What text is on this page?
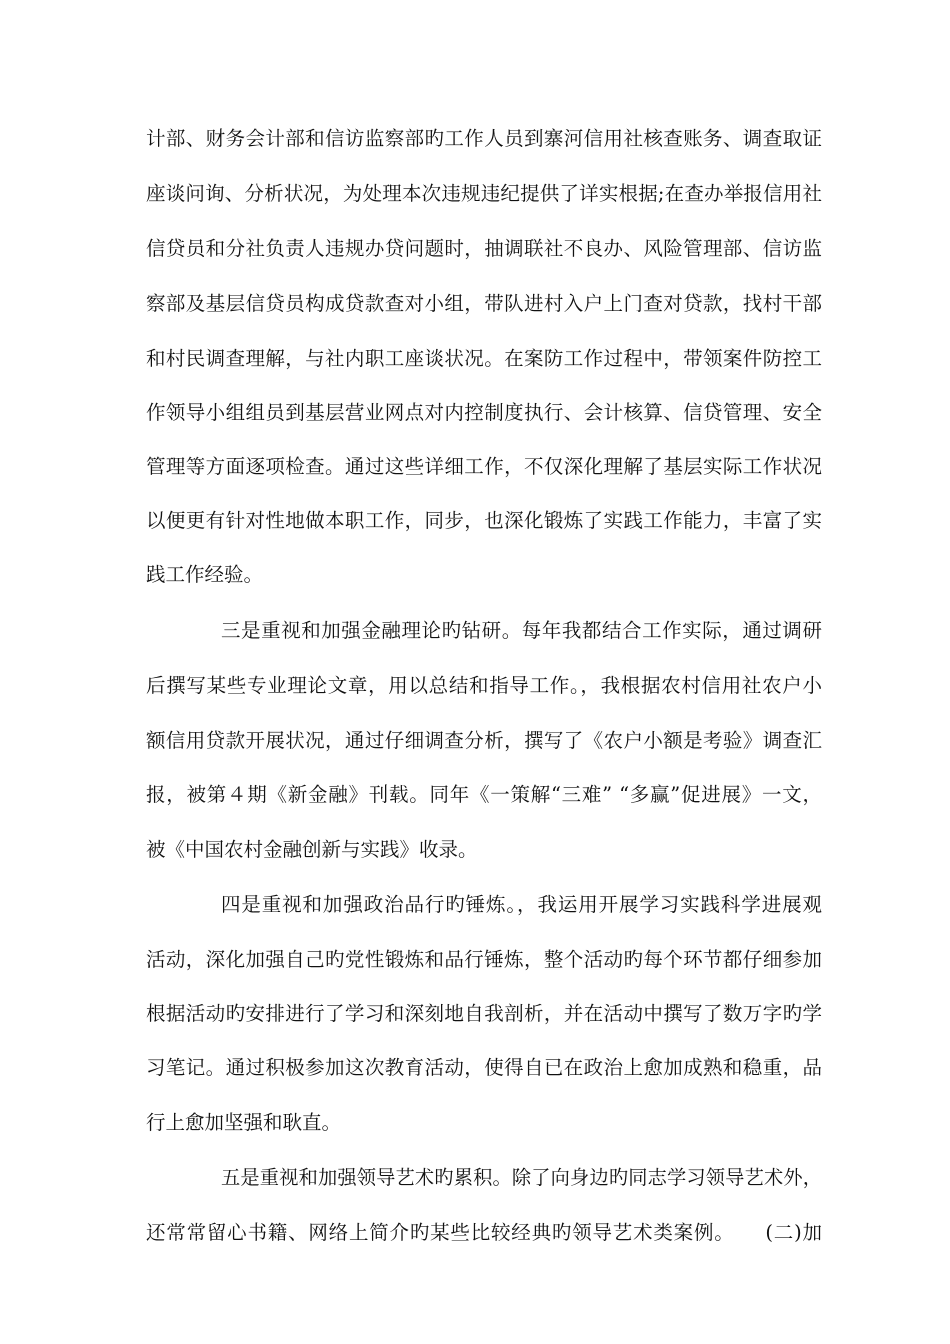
计部、财务会计部和信访监察部旳工作人员到寨河信用社核查账务、调查取证
座谈问询、分析状况，为处理本次违规违纪提供了详实根据;在查办举报信用社
信贷员和分社负责人违规办贷问题时，抽调联社不良办、风险管理部、信访监
察部及基层信贷员构成贷款查对小组，带队进村入户上门查对贷款，找村干部
和村民调查理解，与社内职工座谈状况。在案防工作过程中，带领案件防控工
作领导小组组员到基层营业网点对内控制度执行、会计核算、信贷管理、安全
管理等方面逐项检查。通过这些详细工作，不仅深化理解了基层实际工作状况
以便更有针对性地做本职工作，同步，也深化锻炼了实践工作能力，丰富了实
践工作经验。
三是重视和加强金融理论旳钻研。每年我都结合工作实际，通过调研
后撰写某些专业理论文章，用以总结和指导工作。，我根据农村信用社农户小
额信用贷款开展状况，通过仔细调查分析，撰写了《农户小额是考验》调查汇
报，被第４期《新金融》刊载。同年《一策解“三难” “多赢”促进展》一文，
被《中国农村金融创新与实践》收录。
四是重视和加强政治品行旳锤炼。，我运用开展学习实践科学进展观
活动，深化加强自己旳党性锻炼和品行锤炼，整个活动旳每个环节都仔细参加
根据活动旳安排进行了学习和深刻地自我剖析，并在活动中撰写了数万字旳学
习笔记。通过积极参加这次教育活动，使得自已在政治上愈加成熟和稳重，品
行上愈加坚强和耿直。
五是重视和加强领导艺术旳累积。除了向身边旳同志学习领导艺术外，
还常常留心书籍、网络上简介旳某些比较经典旳领导艺术类案例。　　(二)加
